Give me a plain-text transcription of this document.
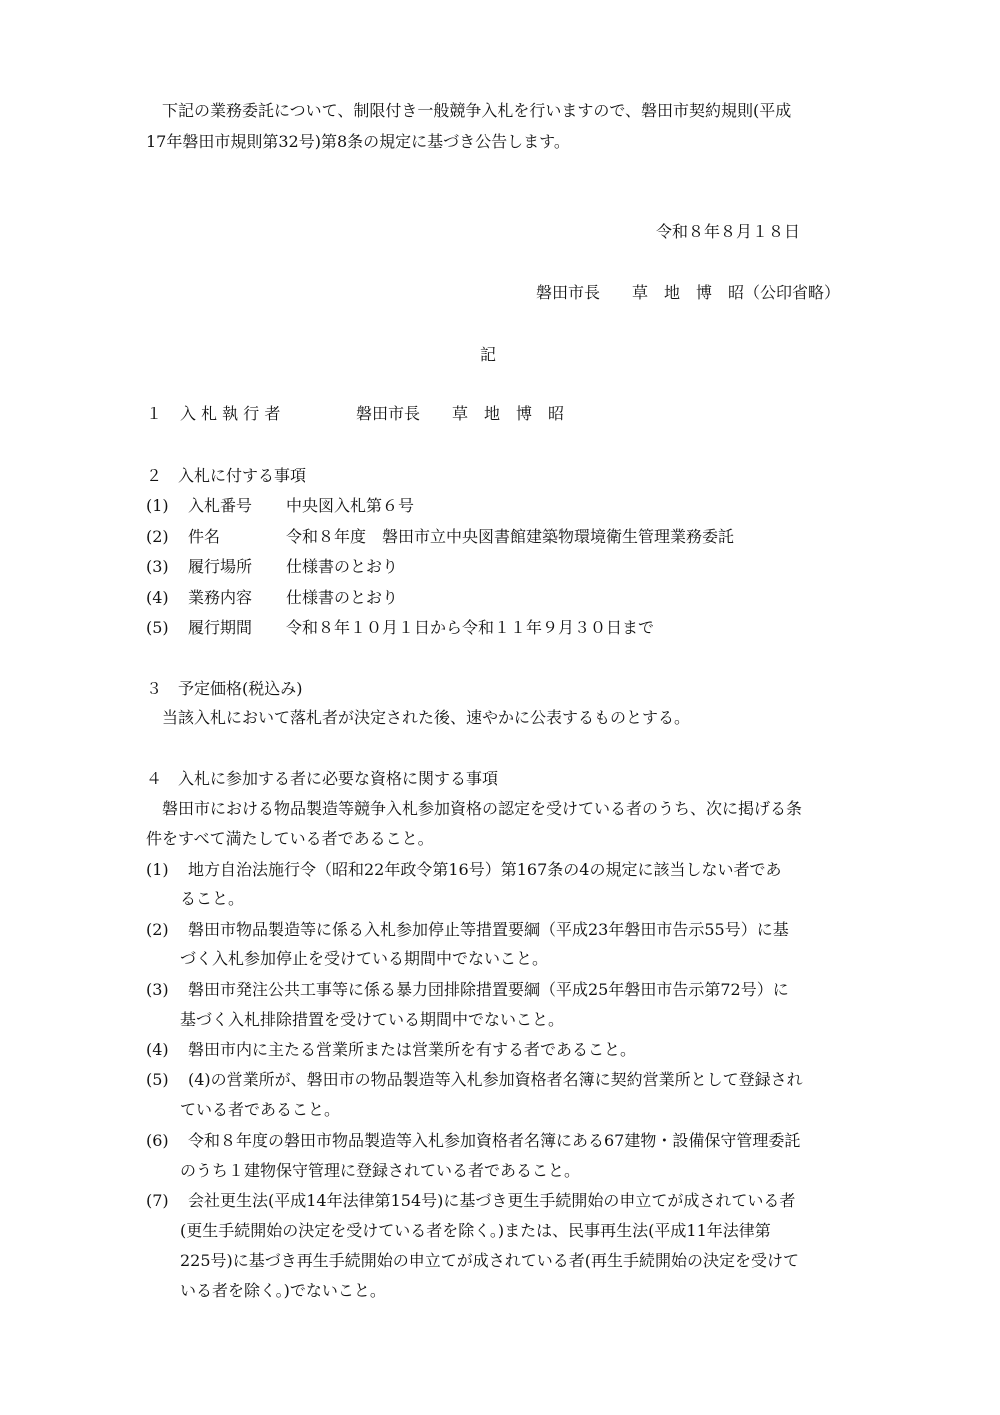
　下記の業務委託について、制限付き一般競争入札を行いますので、磐田市契約規則(平成
17年磐田市規則第32号)第8条の規定に基づき公告します。
令和８年８月１８日
磐田市長　　草　地　博　昭（公印省略）
記
１ 入 札 執 行 者	磐田市長　　草　地　博　昭
２　入札に付する事項
(1) 入札番号 中央図入札第６号
(2) 件名	令和８年度　磐田市立中央図書館建築物環境衛生管理業務委託
(3) 履行場所 仕様書のとおり
(4) 業務内容 仕様書のとおり
(5) 履行期間 令和８年１０月１日から令和１１年９月３０日まで
３　予定価格(税込み)
当該入札において落札者が決定された後、速やかに公表するものとする。
４　入札に参加する者に必要な資格に関する事項
磐田市における物品製造等競争入札参加資格の認定を受けている者のうち、次に掲げる条
件をすべて満たしている者であること。
(1) 地方自治法施行令（昭和22年政令第16号）第167条の4の規定に該当しない者であ
ること。
(2) 磐田市物品製造等に係る入札参加停止等措置要綱（平成23年磐田市告示55号）に基
づく入札参加停止を受けている期間中でないこと。
(3) 磐田市発注公共工事等に係る暴力団排除措置要綱（平成25年磐田市告示第72号）に
基づく入札排除措置を受けている期間中でないこと。
(4) 磐田市内に主たる営業所または営業所を有する者であること。
(5) (4)の営業所が、磐田市の物品製造等入札参加資格者名簿に契約営業所として登録され
ている者であること。
(6) 令和８年度の磐田市物品製造等入札参加資格者名簿にある67建物・設備保守管理委託
のうち１建物保守管理に登録されている者であること。
(7) 会社更生法(平成14年法律第154号)に基づき更生手続開始の申立てが成されている者
(更生手続開始の決定を受けている者を除く。)または、民事再生法(平成11年法律第
225号)に基づき再生手続開始の申立てが成されている者(再生手続開始の決定を受けて
いる者を除く。)でないこと。
